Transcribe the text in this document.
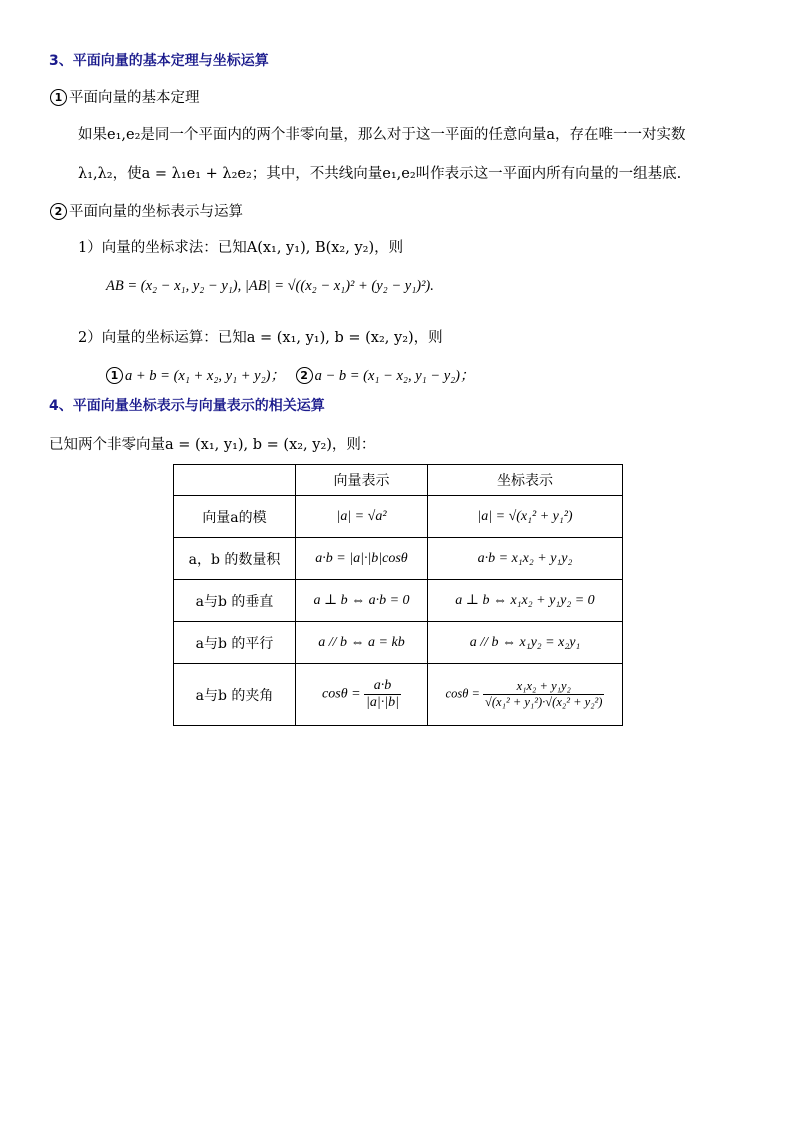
3、平面向量的基本定理与坐标运算
1 平面向量的基本定理
如果e₁,e₂是同一个平面内的两个非零向量，那么对于这一平面的任意向量a，存在唯一一对实数
λ₁,λ₂，使a = λ₁e₁ + λ₂e₂；其中，不共线向量e₁,e₂叫作表示这一平面内所有向量的一组基底.
2 平面向量的坐标表示与运算
1）向量的坐标求法：已知A(x₁, y₁), B(x₂, y₂)，则
AB = (x₂ − x₁, y₂ − y₁), |AB| = √((x₂ − x₁)² + (y₂ − y₁)²).
2）向量的坐标运算：已知a = (x₁, y₁), b = (x₂, y₂)，则
1 a + b = (x₁ + x₂, y₁ + y₂)； 2 a − b = (x₁ − x₂, y₁ − y₂)；
4、平面向量坐标表示与向量表示的相关运算
已知两个非零向量a = (x₁, y₁), b = (x₂, y₂)，则：
	向量表示	坐标表示
向量a的模	|a| = √a²	|a| = √(x₁² + y₁²)
a，b 的数量积	a·b = |a|·|b|cosθ	a·b = x₁x₂ + y₁y₂
a与b 的垂直	a ⊥ b ⇔ a·b = 0	a ⊥ b ⇔ x₁x₂ + y₁y₂ = 0
a与b 的平行	a // b ⇔ a = kb	a // b ⇔ x₁y₂ = x₂y₁
a与b 的夹角	$\cos\theta = \frac{a\cdot b}{|a|\cdot|b|}$	$\cos\theta = \frac{\text{x₁x₂ + y₁y₂}}{\text{√(x₁² + y₁²)·√(x₂² + y₂²)}}$
